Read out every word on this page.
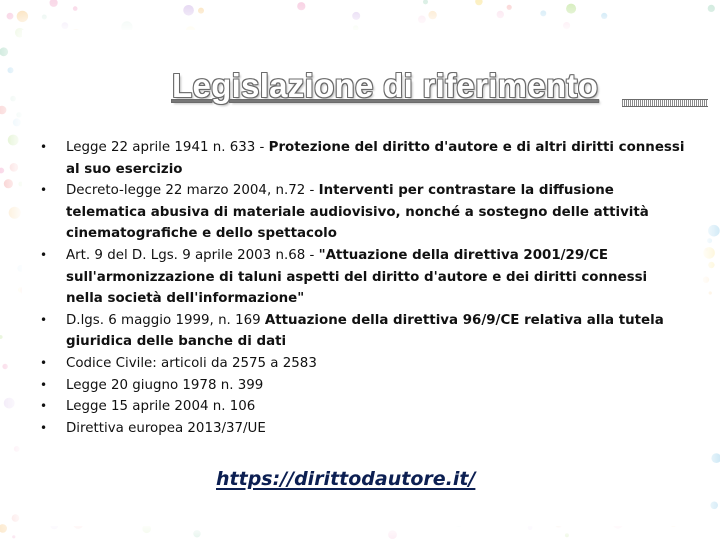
Legislazione di riferimento
• Legge 22 aprile 1941 n. 633 - Protezione del diritto d'autore e di altri diritti connessi al suo esercizio
• Decreto-legge 22 marzo 2004, n.72 - Interventi per contrastare la diffusione telematica abusiva di materiale audiovisivo, nonché a sostegno delle attività cinematografiche e dello spettacolo
• Art. 9 del D. Lgs. 9 aprile 2003 n.68 - "Attuazione della direttiva 2001/29/CE sull'armonizzazione di taluni aspetti del diritto d'autore e dei diritti connessi nella società dell'informazione"
• D.lgs. 6 maggio 1999, n. 169 Attuazione della direttiva 96/9/CE relativa alla tutela giuridica delle banche di dati
• Codice Civile: articoli da 2575 a 2583
• Legge 20 giugno 1978 n. 399
• Legge 15 aprile 2004 n. 106
• Direttiva europea 2013/37/UE
https://dirittodautore.it/
